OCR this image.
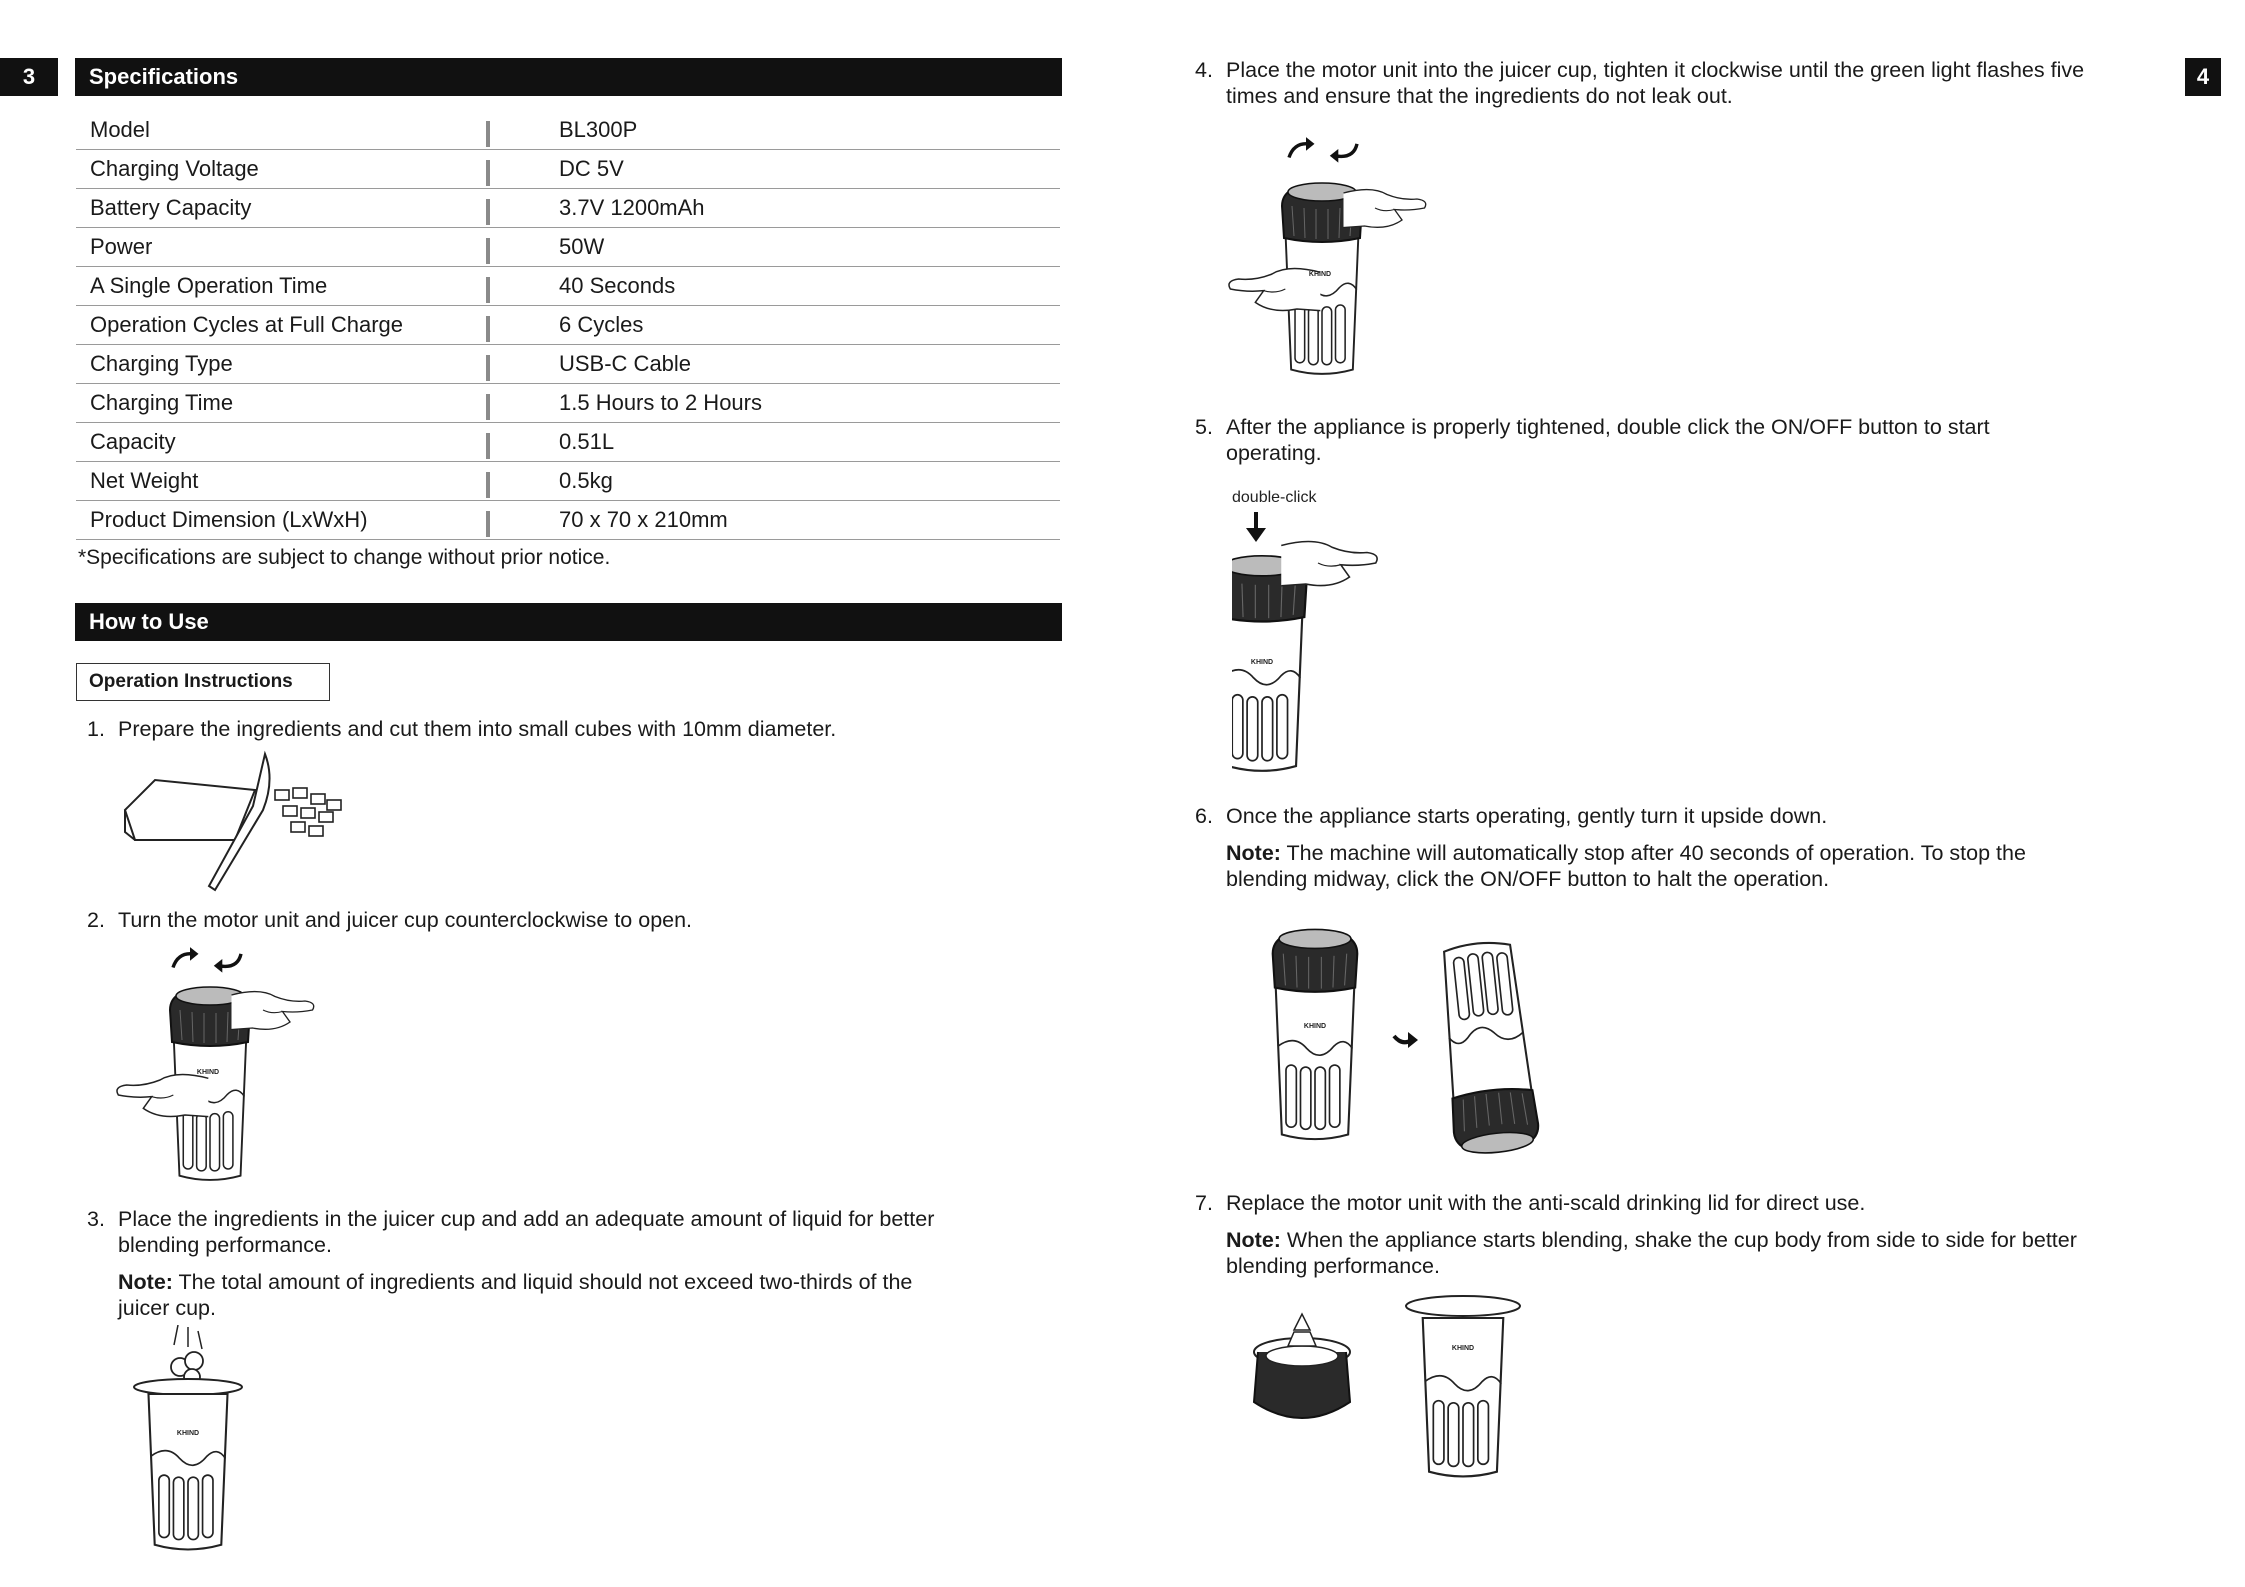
3	Specifications
Model	BL300P
Charging Voltage	DC 5V
Battery Capacity	3.7V 1200mAh
Power	50W
A Single Operation Time	40 Seconds
Operation Cycles at Full Charge	6 Cycles
Charging Type	USB-C Cable
Charging Time	1.5 Hours to 2 Hours
Capacity	0.51L
Net Weight	0.5kg
Product Dimension (LxWxH)	70 x 70 x 210mm
*Specifications are subject to change without prior notice.
How to Use
Operation Instructions
1. Prepare the ingredients and cut them into small cubes with 10mm diameter.
2. Turn the motor unit and juicer cup counterclockwise to open.
KHIND
3. Place the ingredients in the juicer cup and add an adequate amount of liquid for better
blending performance.
Note: The total amount of ingredients and liquid should not exceed two-thirds of the
juicer cup.
KHIND
4
4. Place the motor unit into the juicer cup, tighten it clockwise until the green light flashes five
times and ensure that the ingredients do not leak out.
KHIND
5. After the appliance is properly tightened, double click the ON/OFF button to start
operating.
double-click
KHIND
6. Once the appliance starts operating, gently turn it upside down.
Note: The machine will automatically stop after 40 seconds of operation. To stop the
blending midway, click the ON/OFF button to halt the operation.
KHIND
7. Replace the motor unit with the anti-scald drinking lid for direct use.
Note: When the appliance starts blending, shake the cup body from side to side for better
blending performance.
KHIND
